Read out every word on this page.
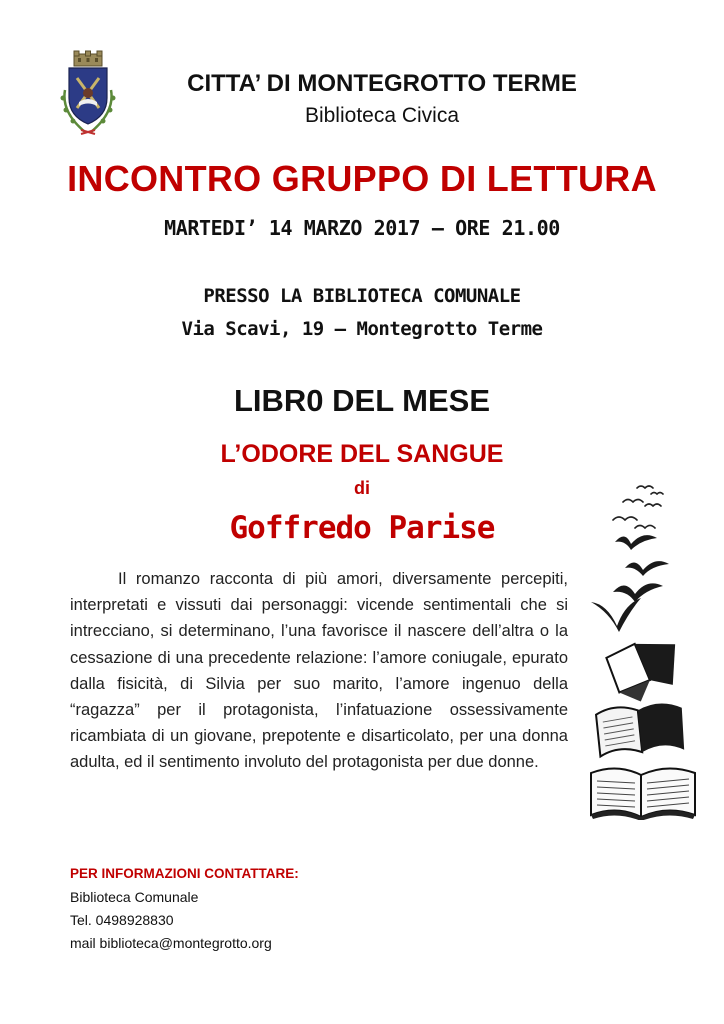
CITTA’ DI MONTEGROTTO TERME
Biblioteca Civica
INCONTRO GRUPPO DI LETTURA
MARTEDI’ 14 MARZO 2017 – ORE 21.00
PRESSO LA BIBLIOTECA COMUNALE
Via Scavi, 19 – Montegrotto Terme
LIBR0 DEL MESE
L’ODORE DEL SANGUE
di
Goffredo Parise
Il romanzo racconta di più amori, diversamente percepiti, interpretati e vissuti dai personaggi: vicende sentimentali che si intrecciano, si determinano, l’una favorisce il nascere dell’altra o la cessazione di una precedente relazione: l’amore coniugale, epurato dalla fisicità, di Silvia per suo marito, l’amore ingenuo della “ragazza” per il protagonista, l’infatuazione ossessivamente ricambiata di un giovane, prepotente e disarticolato, per una donna adulta, ed il sentimento involuto del protagonista per due donne.
PER INFORMAZIONI CONTATTARE:
Biblioteca Comunale
Tel. 0498928830
mail biblioteca@montegrotto.org
